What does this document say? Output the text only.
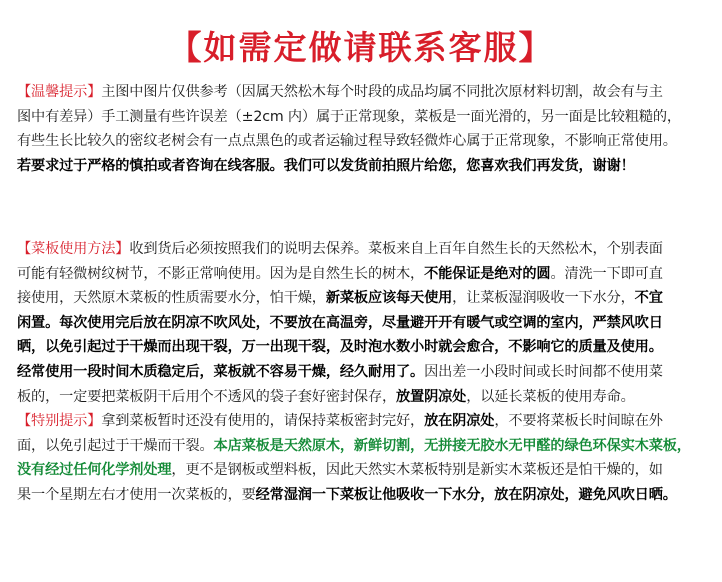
【如需定做请联系客服】
【温馨提示】主图中图片仅供参考（因属天然松木每个时段的成品均属不同批次原材料切割，故会有与主
图中有差异）手工测量有些许误差（±2cm 内）属于正常现象，菜板是一面光滑的，另一面是比较粗糙的，
有些生长比较久的密纹老树会有一点点黑色的或者运输过程导致轻微炸心属于正常现象，不影响正常使用。
若要求过于严格的慎拍或者咨询在线客服。我们可以发货前拍照片给您，您喜欢我们再发货，谢谢！
【菜板使用方法】收到货后必须按照我们的说明去保养。菜板来自上百年自然生长的天然松木，个别表面
可能有轻微树纹树节，不影正常响使用。因为是自然生长的树木，不能保证是绝对的圆。清洗一下即可直
接使用，天然原木菜板的性质需要水分，怕干燥，新菜板应该每天使用，让菜板湿润吸收一下水分，不宜
闲置。每次使用完后放在阴凉不吹风处，不要放在高温旁，尽量避开开有暖气或空调的室内，严禁风吹日
晒，以免引起过于干燥而出现干裂，万一出现干裂，及时泡水数小时就会愈合，不影响它的质量及使用。
经常使用一段时间木质稳定后，菜板就不容易干燥，经久耐用了。因出差一小段时间或长时间都不使用菜
板的，一定要把菜板阴干后用个不透风的袋子套好密封保存，放置阴凉处，以延长菜板的使用寿命。
【特别提示】拿到菜板暂时还没有使用的，请保持菜板密封完好，放在阴凉处，不要将菜板长时间晾在外
面，以免引起过于干燥而干裂。本店菜板是天然原木，新鲜切割，无拼接无胶水无甲醛的绿色环保实木菜板，
没有经过任何化学剂处理，更不是钢板或塑料板，因此天然实木菜板特别是新实木菜板还是怕干燥的，如
果一个星期左右才使用一次菜板的，要经常湿润一下菜板让他吸收一下水分，放在阴凉处，避免风吹日晒。
